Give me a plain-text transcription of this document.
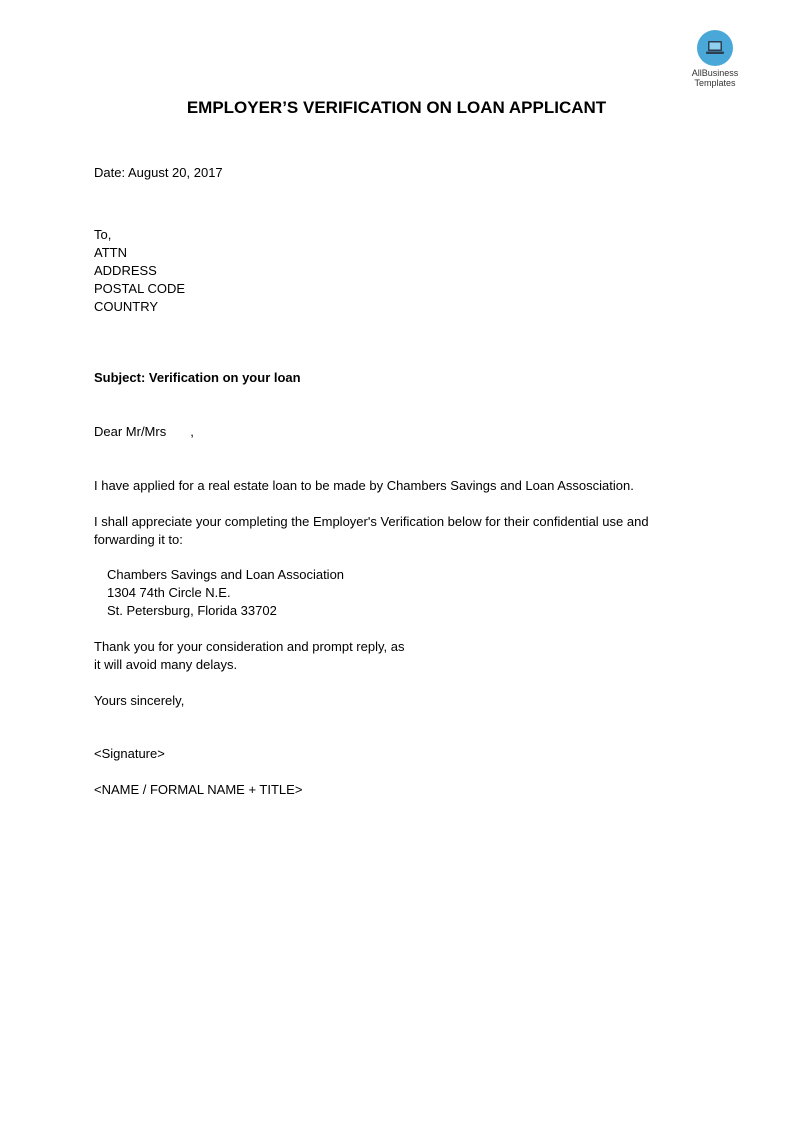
AllBusiness
Templates
EMPLOYER’S VERIFICATION ON LOAN APPLICANT
Date: August 20, 2017
To,
ATTN
ADDRESS
POSTAL CODE
COUNTRY
Subject: Verification on your loan
Dear Mr/Mrs ,
I have applied for a real estate loan to be made by Chambers Savings and Loan Assosciation.
I shall appreciate your completing the Employer's Verification below for their confidential use and
forwarding it to:
Chambers Savings and Loan Association
1304 74th Circle N.E.
St. Petersburg, Florida 33702
Thank you for your consideration and prompt reply, as
it will avoid many delays.
Yours sincerely,
<Signature>
<NAME / FORMAL NAME + TITLE>
